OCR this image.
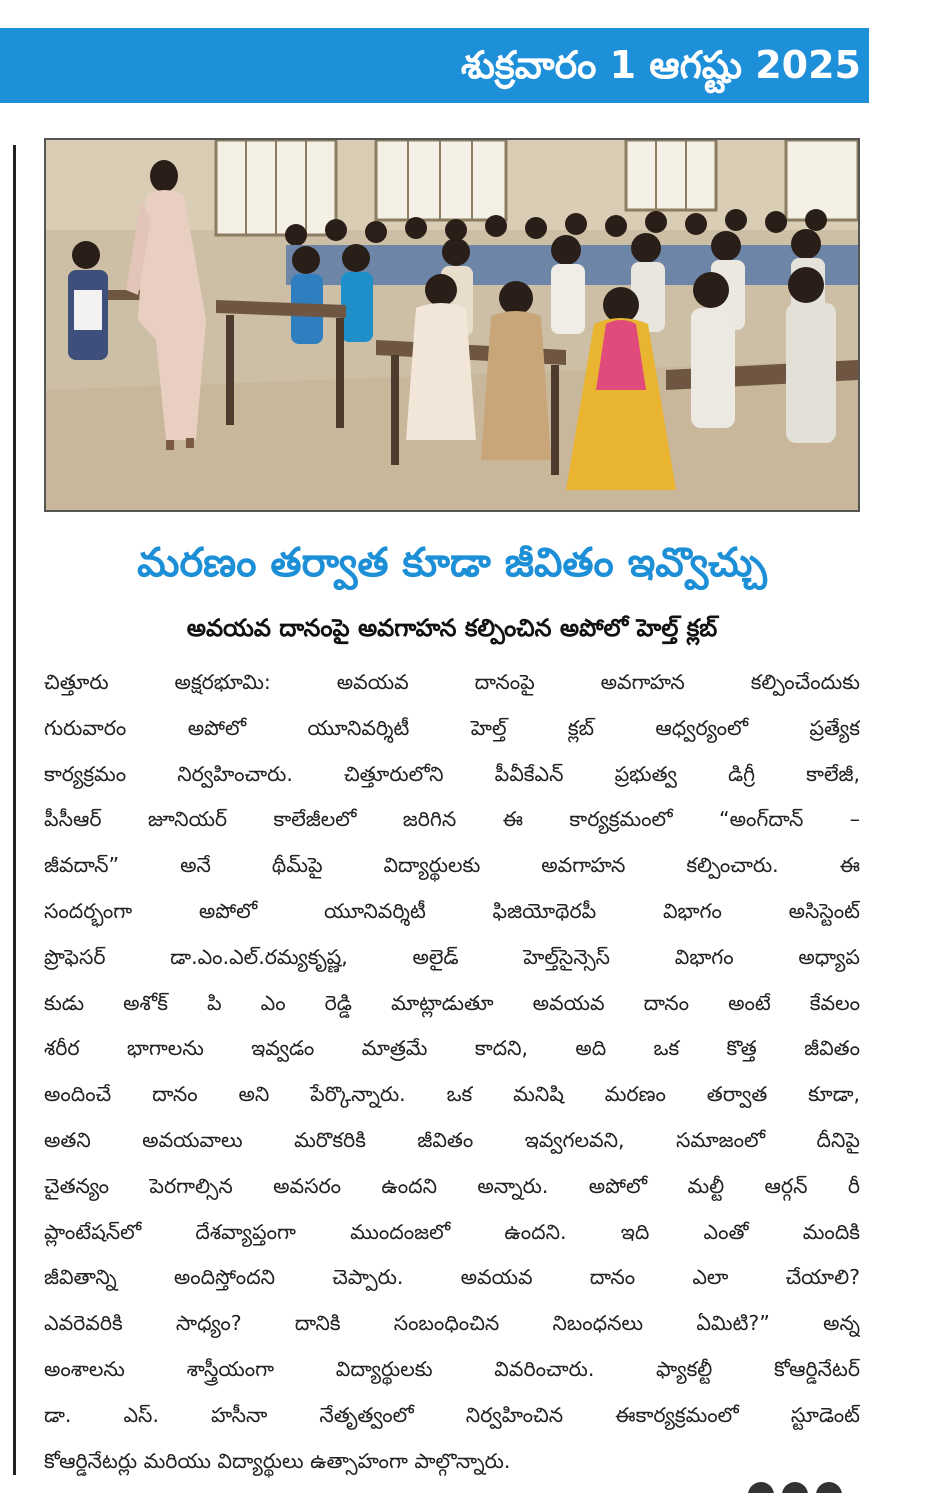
శుక్రవారం 1 ఆగష్టు 2025
మరణం తర్వాత కూడా జీవితం ఇవ్వొచ్చు
అవయవ దానంపై అవగాహన కల్పించిన అపోలో హెల్త్ క్లబ్
చిత్తూరు అక్షరభూమి: అవయవ దానంపై అవగాహన కల్పించేందుకు
గురువారం అపోలో యూనివర్శిటీ హెల్త్ క్లబ్ ఆధ్వర్యంలో ప్రత్యేక
కార్యక్రమం నిర్వహించారు. చిత్తూరులోని పీవీకేఎన్ ప్రభుత్వ డిగ్రీ కాలేజీ,
పీసీఆర్ జూనియర్ కాలేజీలలో జరిగిన ఈ కార్యక్రమంలో “అంగ్‌దాన్ –
జీవదాన్” అనే థీమ్‌పై విద్యార్థులకు అవగాహన కల్పించారు. ఈ
సందర్భంగా అపోలో యూనివర్శిటీ ఫిజియోథెరపీ విభాగం అసిస్టెంట్
ప్రొఫెసర్ డా.ఎం.ఎల్.రమ్యకృష్ణ, అలైడ్ హెల్త్‌సైన్సెస్ విభాగం అధ్యాప
కుడు అశోక్ పి ఎం రెడ్డి మాట్లాడుతూ అవయవ దానం అంటే కేవలం
శరీర భాగాలను ఇవ్వడం మాత్రమే కాదని, అది ఒక కొత్త జీవితం
అందించే దానం అని పేర్కొన్నారు. ఒక మనిషి మరణం తర్వాత కూడా,
అతని అవయవాలు మరొకరికి జీవితం ఇవ్వగలవని, సమాజంలో దీనిపై
చైతన్యం పెరగాల్సిన అవసరం ఉందని అన్నారు. అపోలో మల్టీ ఆర్గన్ రీ
ప్లాంటేషన్‌లో దేశవ్యాప్తంగా ముందంజలో ఉందని. ఇది ఎంతో మందికి
జీవితాన్ని అందిస్తోందని చెప్పారు. అవయవ దానం ఎలా చేయాలి?
ఎవరెవరికి సాధ్యం? దానికి సంబంధించిన నిబంధనలు ఏమిటి?” అన్న
అంశాలను శాస్త్రీయంగా విద్యార్థులకు వివరించారు. ఫ్యాకల్టీ కోఆర్డినేటర్
డా. ఎస్. హసీనా నేతృత్వంలో నిర్వహించిన ఈకార్యక్రమంలో స్టూడెంట్
కోఆర్డినేటర్లు మరియు విద్యార్థులు ఉత్సాహంగా పాల్గొన్నారు.
